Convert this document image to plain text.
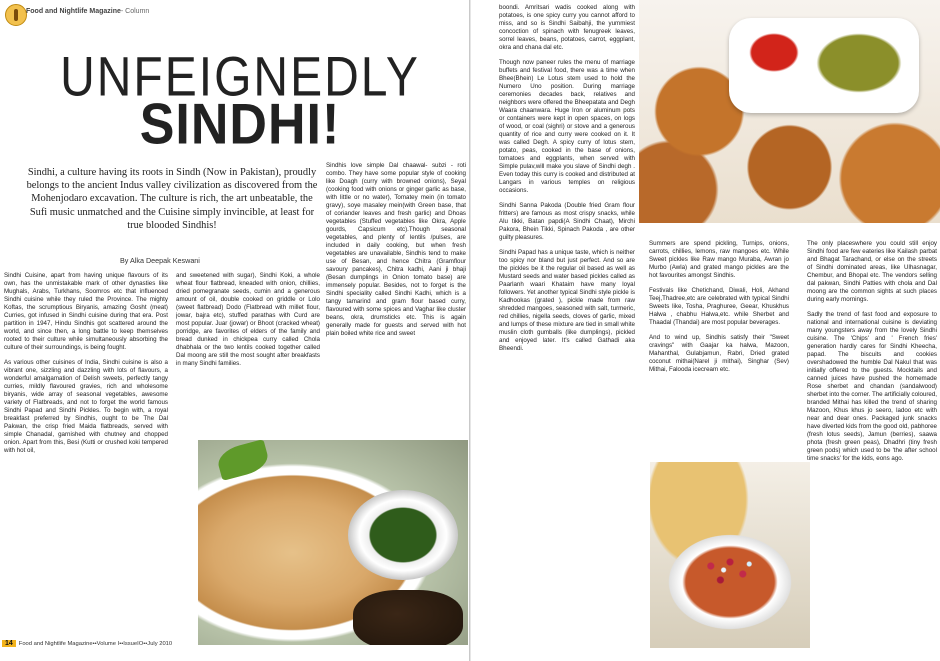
Food and Nightlife Magazine- Column
UNFEIGNEDLY
SINDHI!
Sindhi, a culture having its roots in Sindh (Now in Pakistan), proudly belongs to the ancient Indus valley civilization as discovered from the Mohenjodaro excavation. The culture is rich, the art unbeatable, the Sufi music unmatched and the Cuisine simply invincible, at least for true blooded Sindhis!
By Alka Deepak Keswani

Sindhi Cuisine, apart from having unique flavours of its own, has the unmistakable mark of other dynasties like Mughals, Arabs, Turkhans, Soomros etc that influenced Sindhi cuisine while they ruled the Province. The mighty Koftas, the scrumptious Biryanis, amazing Gosht (meat) Curries, got infused in Sindhi cuisine during that era. Post partition in 1947, Hindu Sindhis got scattered around the world, and since then, a long battle to keep themselves rooted to their culture while simultaneously absorbing the culture of their surroundings, is being fought.

As various other cuisines of India, Sindhi cuisine is also a vibrant one, sizzling and dazzling with lots of flavours, a wonderful amalgamation of Delish sweets, perfectly tangy curries, mildly flavoured gravies, rich and wholesome biryanis, wide array of seasonal vegetables, awesome variety of Flatbreads, and not to forget the world famous Sindhi Papad and Sindhi Pickles. To begin with, a royal breakfast preferred by Sindhis, ought to be The Dal Pakwan, the crisp fried Maida flatbreads, served with simple Chanadal, garnished with chutney and chopped onion. Apart from this, Besi (Kutti or crushed koki tempered with hot oil,

and sweetened with sugar), Sindhi Koki, a whole wheat flour flatbread, kneaded with onion, chillies, dried pomegranate seeds, cumin and a generous amount of oil, double cooked on griddle or Lolo (sweet flatbread) Dodo (Flatbread with millet flour, jowar, bajra etc), stuffed parathas with Curd are most popular. Juar (jowar) or Bhoot (cracked wheat) porridge, are favorites of elders of the family and bread dunked in chickpea curry called Chola dhabhala or the two lentils cooked together called Dal moong are still the most sought after breakfasts in many Sindhi families.

Sindhis love simple Dal chaawal- subzi - roti combo. They have some popular style of cooking like Doagh (curry with browned onions), Seyal (cooking food with onions or ginger garlic as base, with little or no water), Tomatey mein (in tomato gravy), soye masaley mein(with Green base, that of coriander leaves and fresh garlic) and Dhoas vegetables (Stuffed vegetables like Okra, Apple gourds, Capsicum etc).Though seasonal vegetables, and plenty of lentils /pulses, are included in daily cooking, but when fresh vegetables are unavailable, Sindhis tend to make use of Besan, and hence Chitra (Gramflour savoury pancakes), Chitra kadhi, Aani ji bhaji (Besan dumplings in Onion tomato base) are immensely popular. Besides, not to forget is the Sindhi speciality called Sindhi Kadhi, which is a tangy tamarind and gram flour based curry, flavoured with some spices and Vaghar like cluster beans, okra, drumsticks etc. This is again generally made for guests and served with hot plain boiled white rice and sweet

14	Food and Nightlife Magazine••Volume I••IssueIO••July 2010

boondi. Amritsari wadis cooked along with potatoes, is one spicy curry you cannot afford to miss, and so is Sindhi Saibahji, the yummiest concoction of spinach with fenugreek leaves, sorrel leaves, beans, potatoes, carrot, eggplant, okra and chana dal etc.

Though now paneer rules the menu of marriage buffets and festival food, there was a time when Bhee(Bhein) Le Lotus stem used to hold the Numero Uno position. During marriage ceremonies decades back, relatives and neighbors were offered the Bheepatata and Degh Waara chaanwara. Huge Iron or aluminum pots or containers were kept in open spaces, on logs of wood, or coal (sighri) or stove and a generous quantity of rice and curry were cooked on it. It was called Degh. A spicy curry of lotus stem, potato, peas, cooked in the base of onions, tomatoes and eggplants, when served with Simple pulav,will make you slave of Sindhi degh . Even today this curry is cooked and distributed at Langars in various temples on religious occasions.

Sindhi Sanna Pakoda (Double fried Gram flour fritters) are famous as most crispy snacks, while Alu tikki, Batan papdi(A Sindhi Chaat), Mirchi Pakora, Bhein Tikki, Spinach Pakoda , are other guilty pleasures.

Sindhi Papad has a unique taste, which is neither too spicy nor bland but just perfect. And so are the pickles be it the regular oil based as well as Mustard seeds and water based pickles called as Paarlanh waari Khataim have many loyal followers. Yet another typical Sindhi style pickle is Kadhookas (grated ), pickle made from raw shredded mangoes, seasoned with salt, turmeric, red chillies, nigella seeds, cloves of garlic, mixed and lumps of these mixture are tied in small white muslin cloth gumballs (like dumplings), pickled and enjoyed later. It's called Gathadi aka Bheendi.

Summers are spend pickling, Turnips, onions, carrots, chillies, lemons, raw mangoes etc. While Sweet pickles like Raw mango Muraba, Awran jo Murbo (Awla) and grated mango pickles are the hot favourites amongst Sindhis.

Festivals like Chetichand, Diwali, Holi, Akhand Teej,Thadree,etc are celebrated with typical Sindhi Sweets like, Tosha, Praghuree, Geear, Khuskhus Halwa , chabhu Halwa,etc. while Sherbet and Thaadal (Thandai) are most popular beverages.

And to wind up, Sindhis satisfy their "Sweet cravings" with Gaajar ka halwa, Mazoon, Mahanthal, Gulabjamun, Rabri, Dried grated coconut mithai(Narel ji mithai), Singhar (Sev) Mithai, Falooda icecream etc.

The only placeswhere you could still enjoy Sindhi food are few eateries like Kailash parbat and Bhagat Tarachand, or else on the streets of Sindhi dominated areas, like Ulhasnagar, Chembur, and Bhopal etc. The vendors selling dal pakwan, Sindhi Patties with chola and Dal moong are the common sights at such places during early mornings.

Sadly the trend of fast food and exposure to national and international cuisine is deviating many youngsters away from the lovely Sindhi cuisine. The 'Chips' and ' French fries' generation hardly cares for Sindhi Kheecha, papad. The biscuits and cookies overshadowed the humble Dal Nakul that was initially offered to the guests. Mocktails and canned juices have pushed the homemade Rose sherbet and chandan (sandalwood) sherbet into the corner. The artificially coloured, branded Mithai has killed the trend of sharing Mazoon, Khus khus jo seero, ladoo etc with near and dear ones. Packaged junk snacks have diverted kids from the good old, pabhoree (fresh lotus seeds), Jamun (berries), saawa phota (fresh green peas), Dhadhri (tiny fresh green pods) which used to be 'the after school time snacks' for the kids, eons ago.
